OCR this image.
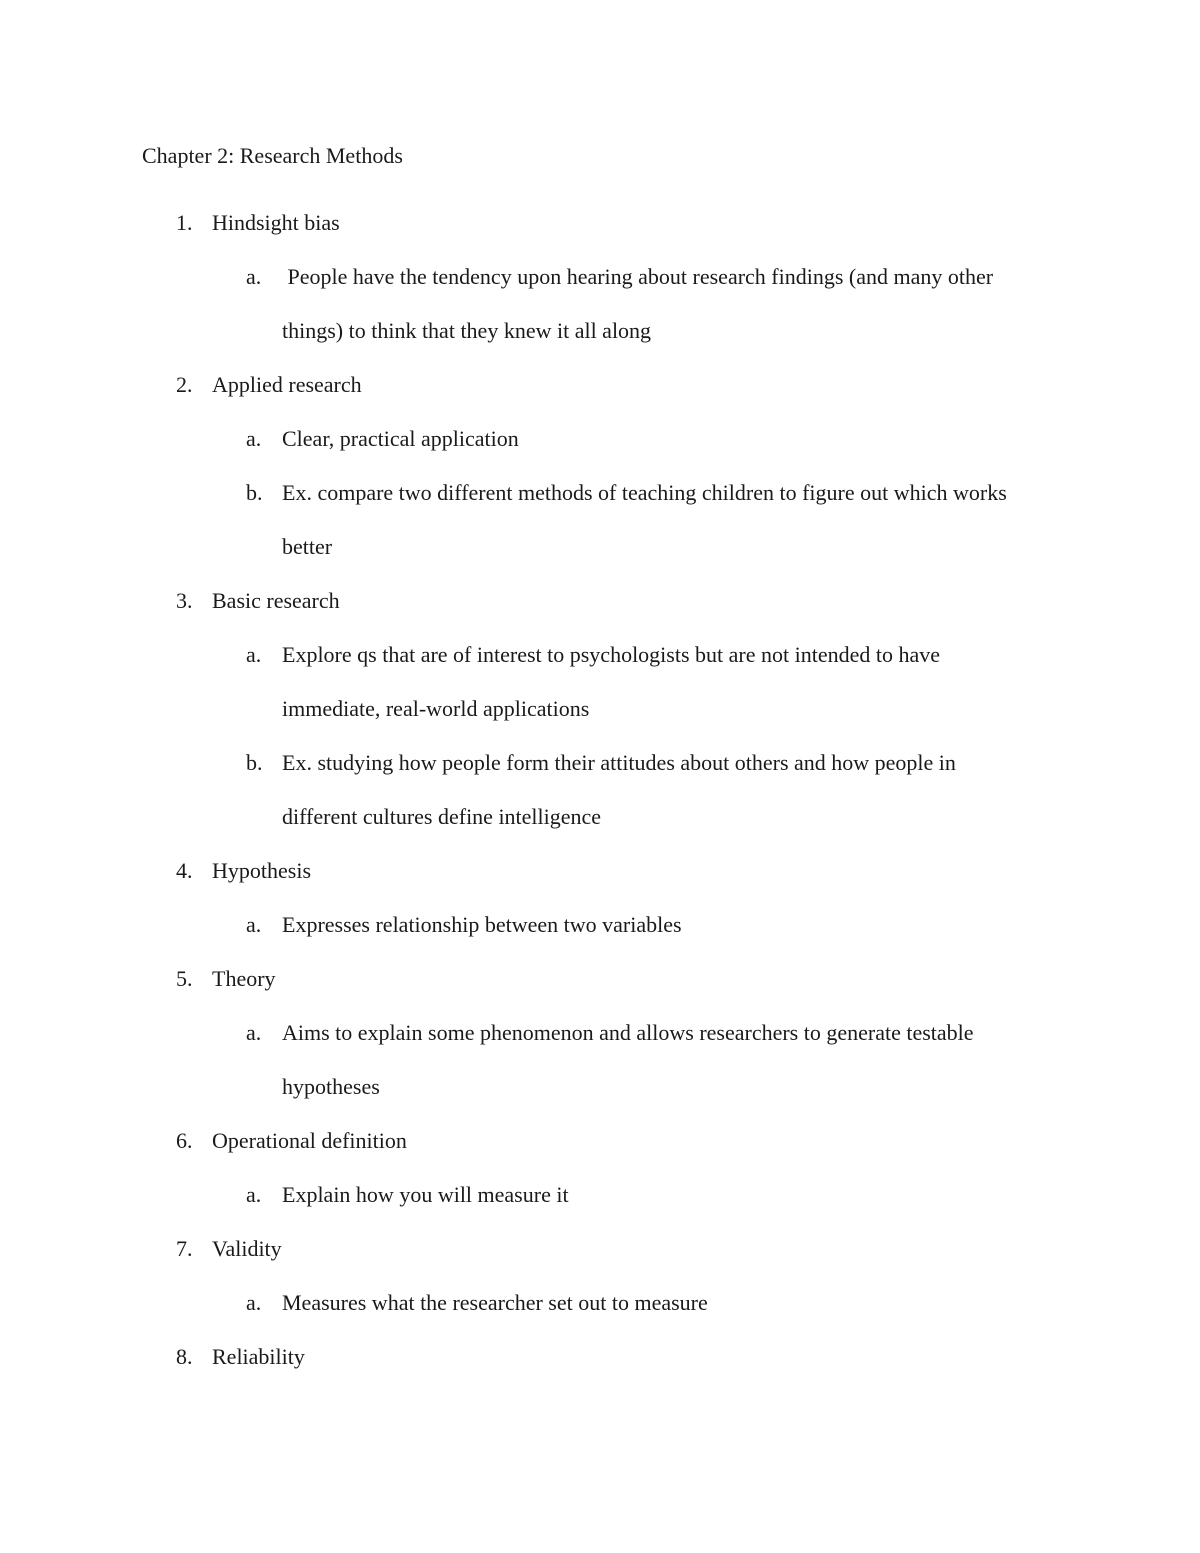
Chapter 2: Research Methods
1. Hindsight bias
a. People have the tendency upon hearing about research findings (and many other
things) to think that they knew it all along
2. Applied research
a. Clear, practical application
b. Ex. compare two different methods of teaching children to figure out which works
better
3. Basic research
a. Explore qs that are of interest to psychologists but are not intended to have
immediate, real-world applications
b. Ex. studying how people form their attitudes about others and how people in
different cultures define intelligence
4. Hypothesis
a. Expresses relationship between two variables
5. Theory
a. Aims to explain some phenomenon and allows researchers to generate testable
hypotheses
6. Operational definition
a. Explain how you will measure it
7. Validity
a. Measures what the researcher set out to measure
8. Reliability
